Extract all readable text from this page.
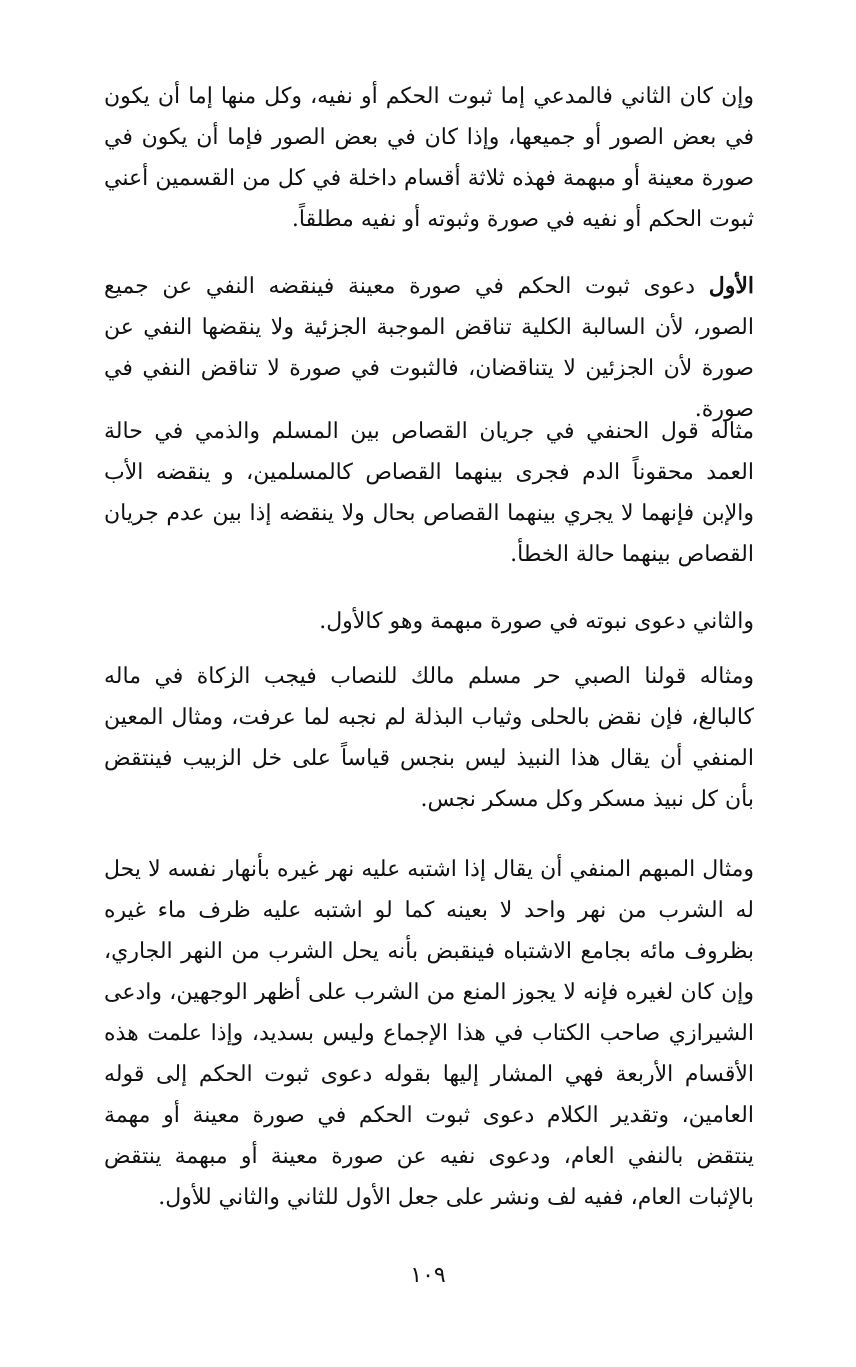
وإن كان الثاني فالمدعي إما ثبوت الحكم أو نفيه، وكل منها إما أن يكون في بعض الصور أو جميعها، وإذا كان في بعض الصور فإما أن يكون في صورة معينة أو مبهمة فهذه ثلاثة أقسام داخلة في كل من القسمين أعني ثبوت الحكم أو نفيه في صورة وثبوته أو نفيه مطلقاً.

الأول دعوى ثبوت الحكم في صورة معينة فينقضه النفي عن جميع الصور، لأن السالبة الكلية تناقض الموجبة الجزئية ولا ينقضها النفي عن صورة لأن الجزئين لا يتناقضان، فالثبوت في صورة لا تناقض النفي في صورة.

مثاله قول الحنفي في جريان القصاص بين المسلم والذمي في حالة العمد محقوناً الدم فجرى بينهما القصاص كالمسلمين، و ينقضه الأب والإبن فإنهما لا يجري بينهما القصاص بحال ولا ينقضه إذا بين عدم جريان القصاص بينهما حالة الخطأ.

والثاني دعوى نبوته في صورة مبهمة وهو كالأول.

ومثاله قولنا الصبي حر مسلم مالك للنصاب فيجب الزكاة في ماله كالبالغ، فإن نقض بالحلى وثياب البذلة لم نجبه لما عرفت، ومثال المعين المنفي أن يقال هذا النبيذ ليس بنجس قياساً على خل الزبيب فينتقض بأن كل نبيذ مسكر وكل مسكر نجس.

ومثال المبهم المنفي أن يقال إذا اشتبه عليه نهر غيره بأنهار نفسه لا يحل له الشرب من نهر واحد لا بعينه كما لو اشتبه عليه ظرف ماء غيره بظروف مائه بجامع الاشتباه فينقبض بأنه يحل الشرب من النهر الجاري، وإن كان لغيره فإنه لا يجوز المنع من الشرب على أظهر الوجهين، وادعى الشيرازي صاحب الكتاب في هذا الإجماع وليس بسديد، وإذا علمت هذه الأقسام الأربعة فهي المشار إليها بقوله دعوى ثبوت الحكم إلى قوله العامين، وتقدير الكلام دعوى ثبوت الحكم في صورة معينة أو مهمة ينتقض بالنفي العام، ودعوى نفيه عن صورة معينة أو مبهمة ينتقض بالإثبات العام، ففيه لف ونشر على جعل الأول للثاني والثاني للأول.

١٠٩
